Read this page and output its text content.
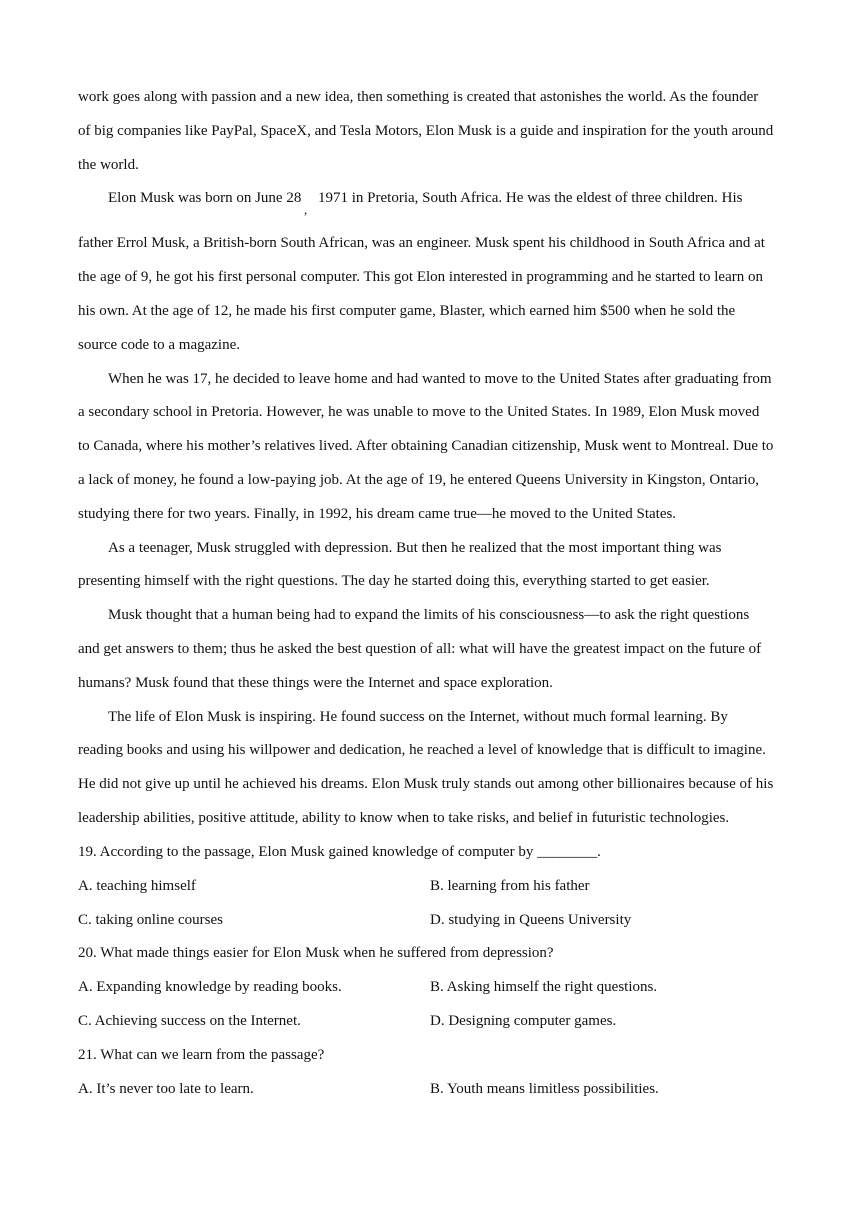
work goes along with passion and a new idea, then something is created that astonishes the world. As the founder
of big companies like PayPal, SpaceX, and Tesla Motors, Elon Musk is a guide and inspiration for the youth around
the world.
Elon Musk was born on June 28 1971 in Pretoria, South Africa. He was the eldest of three children. His
,
father Errol Musk, a British-born South African, was an engineer. Musk spent his childhood in South Africa and at
the age of 9, he got his first personal computer. This got Elon interested in programming and he started to learn on
his own. At the age of 12, he made his first computer game, Blaster, which earned him $500 when he sold the
source code to a magazine.
When he was 17, he decided to leave home and had wanted to move to the United States after graduating from
a secondary school in Pretoria. However, he was unable to move to the United States. In 1989, Elon Musk moved
to Canada, where his mother’s relatives lived. After obtaining Canadian citizenship, Musk went to Montreal. Due to
a lack of money, he found a low-paying job. At the age of 19, he entered Queens University in Kingston, Ontario,
studying there for two years. Finally, in 1992, his dream came true—he moved to the United States.
As a teenager, Musk struggled with depression. But then he realized that the most important thing was
presenting himself with the right questions. The day he started doing this, everything started to get easier.
Musk thought that a human being had to expand the limits of his consciousness—to ask the right questions
and get answers to them; thus he asked the best question of all: what will have the greatest impact on the future of
humans? Musk found that these things were the Internet and space exploration.
The life of Elon Musk is inspiring. He found success on the Internet, without much formal learning. By
reading books and using his willpower and dedication, he reached a level of knowledge that is difficult to imagine.
He did not give up until he achieved his dreams. Elon Musk truly stands out among other billionaires because of his
leadership abilities, positive attitude, ability to know when to take risks, and belief in futuristic technologies.
19. According to the passage, Elon Musk gained knowledge of computer by ________.
A. teaching himself	B. learning from his father
C. taking online courses	D. studying in Queens University
20. What made things easier for Elon Musk when he suffered from depression?
A. Expanding knowledge by reading books.	B. Asking himself the right questions.
C. Achieving success on the Internet.	D. Designing computer games.
21. What can we learn from the passage?
A. It’s never too late to learn.	B. Youth means limitless possibilities.
